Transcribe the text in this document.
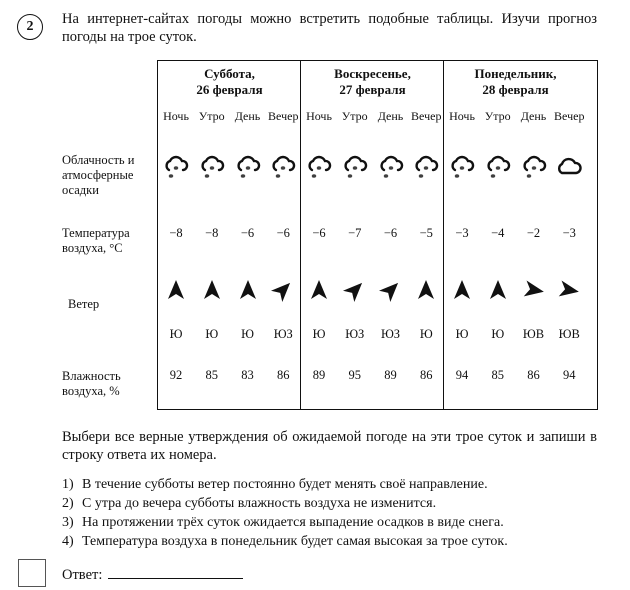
2	На интернет-сайтах погоды можно встретить подобные таблицы. Изучи прогноз погоды на трое суток.
Облачность и атмосферные осадки
Температура воздуха, °C
Ветер
Влажность воздуха, %
Суббота,
26 февраля
Ночь
*
*
−8
Ю
92
Утро
*
*
−8
Ю
85
День
*
*
−6
Ю
83
Вечер
*
*
−6
ЮЗ
86
Воскресенье,
27 февраля
Ночь
*
*
−6
Ю
89
Утро
*
*
−7
ЮЗ
95
День
*
*
−6
ЮЗ
89
Вечер
*
*
−5
Ю
86
Понедельник,
28 февраля
Ночь
*
*
−3
Ю
94
Утро
*
*
−4
Ю
85
День
*
*
−2
ЮВ
86
Вечер
−3
ЮВ
94
Выбери все верные утверждения об ожидаемой погоде на эти трое суток и запиши в строку ответа их номера.
1) В течение субботы ветер постоянно будет менять своё направление.
2) С утра до вечера субботы влажность воздуха не изменится.
3) На протяжении трёх суток ожидается выпадение осадков в виде снега.
4) Температура воздуха в понедельник будет самая высокая за трое суток.
Ответ:
